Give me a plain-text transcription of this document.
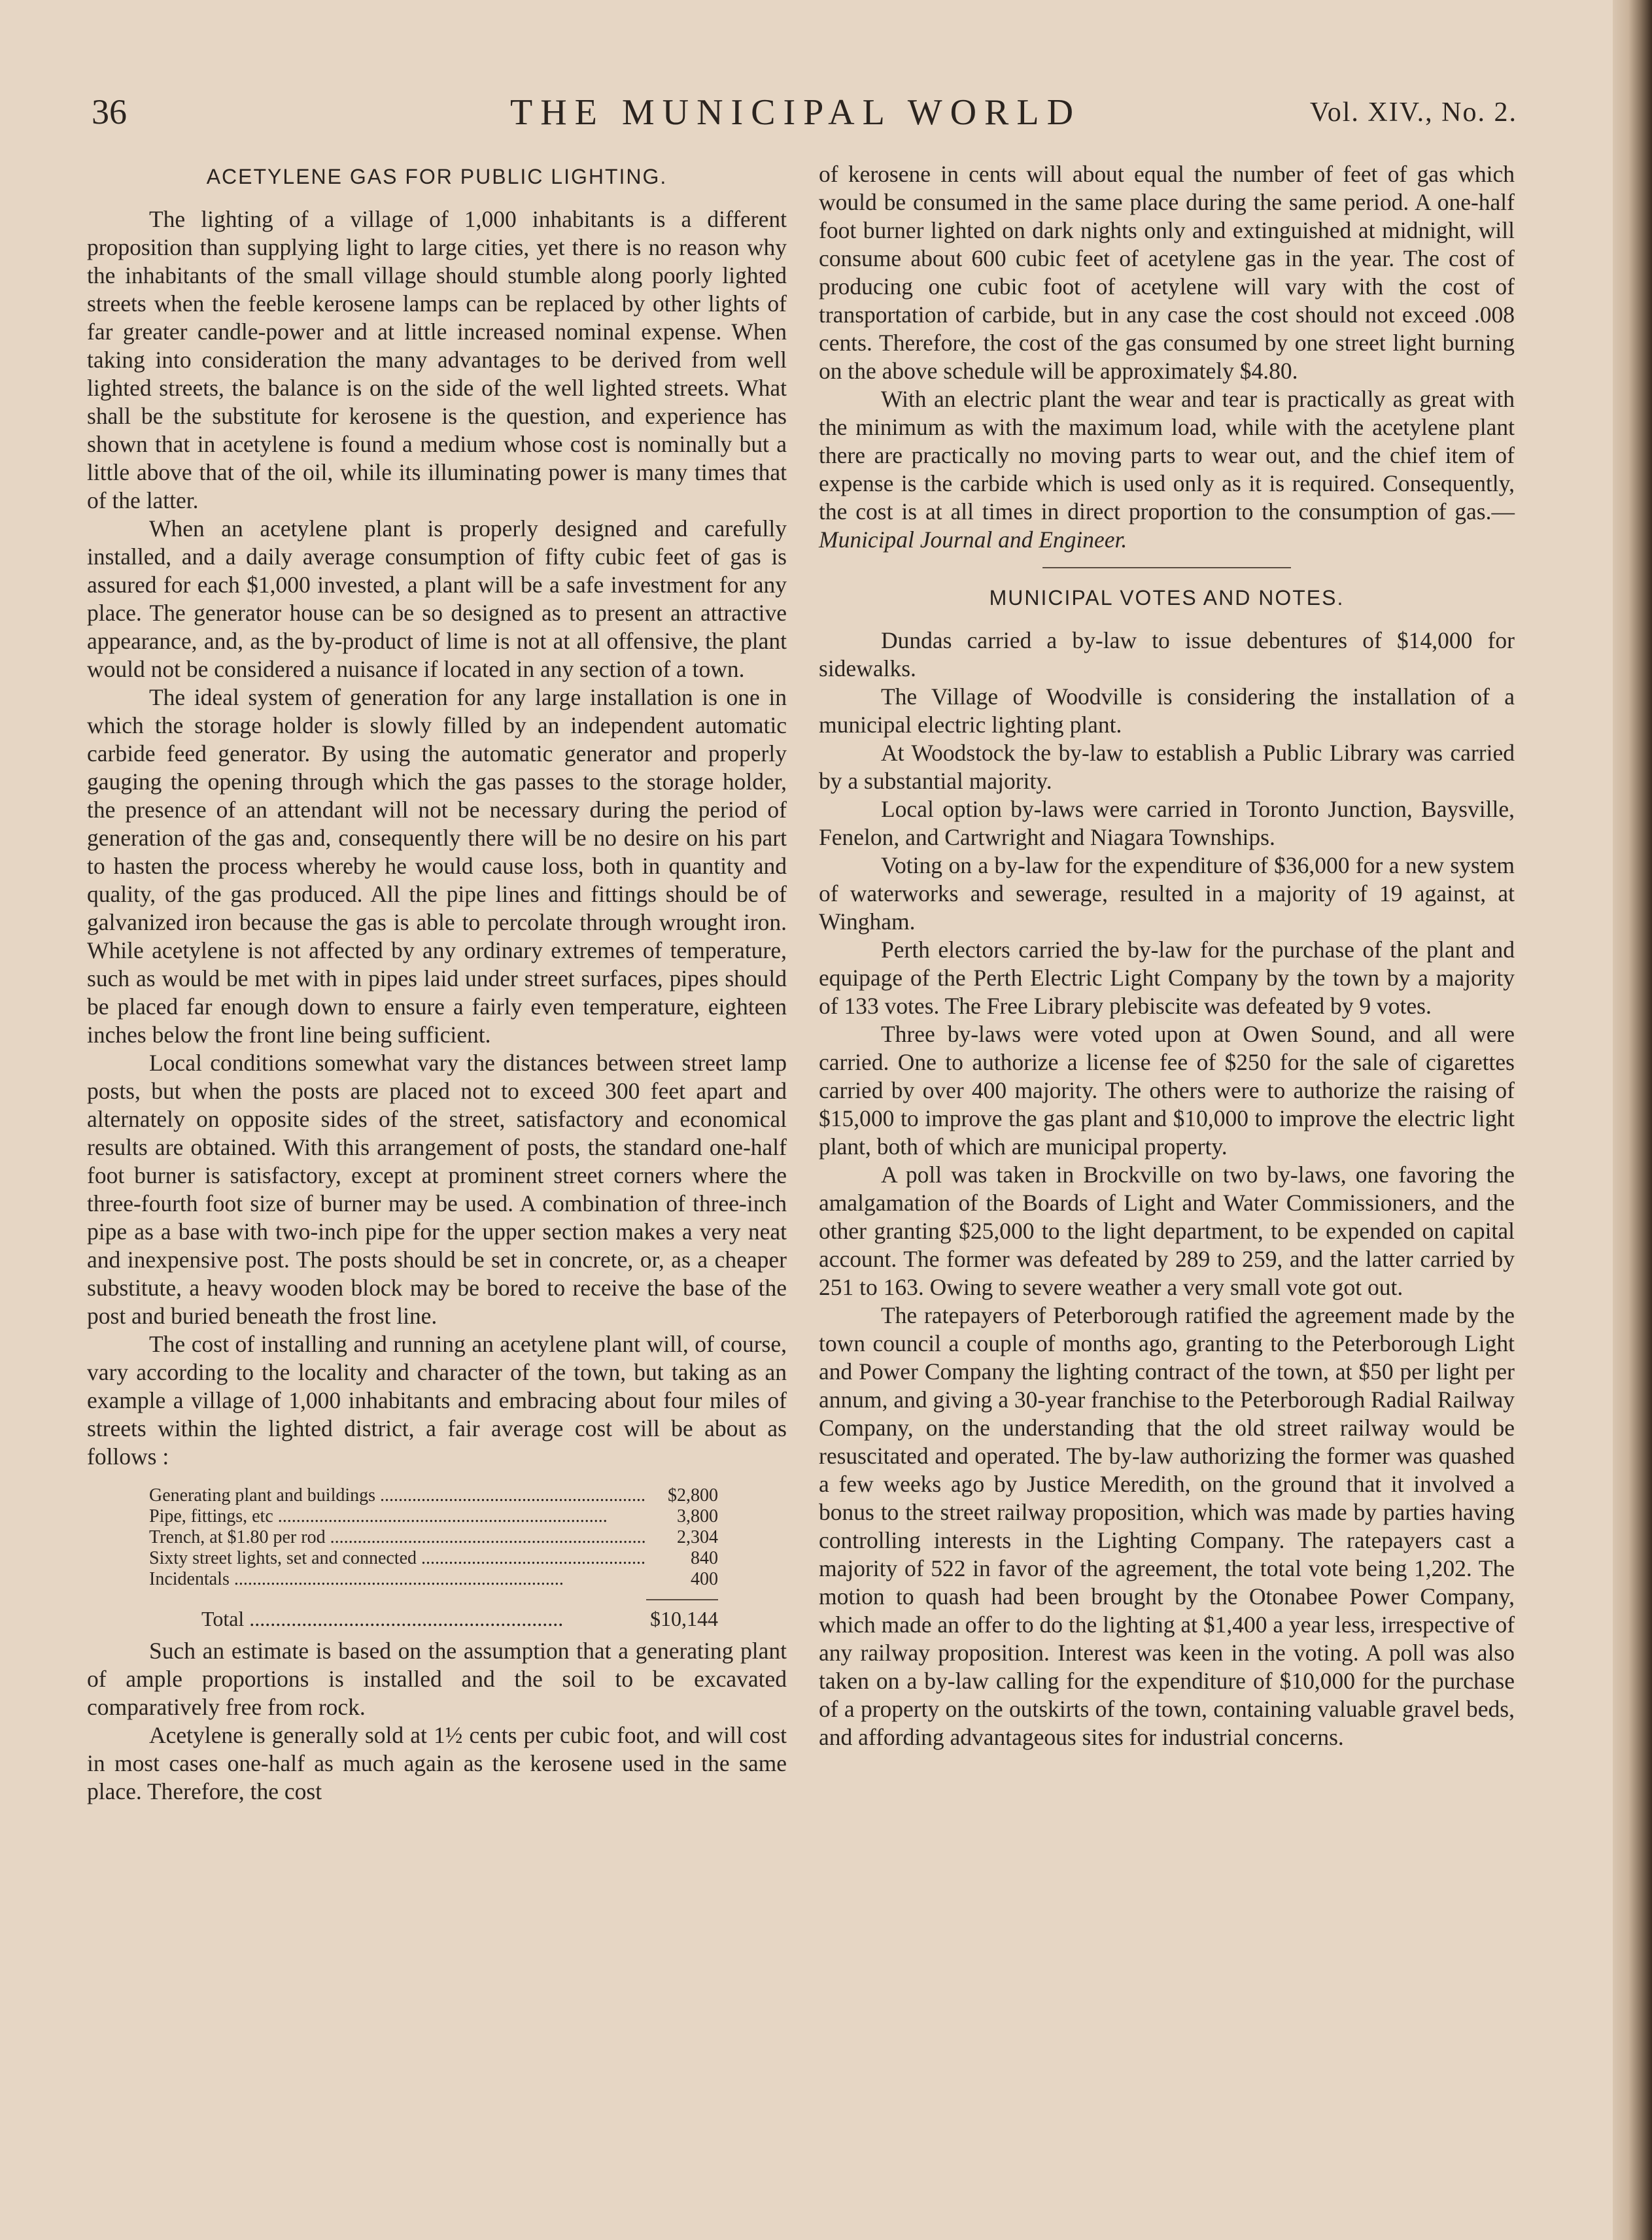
36	THE MUNICIPAL WORLD	Vol. XIV., No. 2.
ACETYLENE GAS FOR PUBLIC LIGHTING.

The lighting of a village of 1,000 inhabitants is a different proposition than supplying light to large cities, yet there is no reason why the inhabitants of the small village should stumble along poorly lighted streets when the feeble kerosene lamps can be replaced by other lights of far greater candle-power and at little increased nominal expense. When taking into consideration the many advantages to be derived from well lighted streets, the balance is on the side of the well lighted streets. What shall be the substitute for kerosene is the question, and experience has shown that in acetylene is found a medium whose cost is nominally but a little above that of the oil, while its illuminating power is many times that of the latter.

When an acetylene plant is properly designed and carefully installed, and a daily average consumption of fifty cubic feet of gas is assured for each $1,000 invested, a plant will be a safe investment for any place. The generator house can be so designed as to present an attractive appearance, and, as the by-product of lime is not at all offensive, the plant would not be considered a nuisance if located in any section of a town.

The ideal system of generation for any large installation is one in which the storage holder is slowly filled by an independent automatic carbide feed generator. By using the automatic generator and properly gauging the opening through which the gas passes to the storage holder, the presence of an attendant will not be necessary during the period of generation of the gas and, consequently there will be no desire on his part to hasten the process whereby he would cause loss, both in quantity and quality, of the gas produced. All the pipe lines and fittings should be of galvanized iron because the gas is able to percolate through wrought iron. While acetylene is not affected by any ordinary extremes of temperature, such as would be met with in pipes laid under street surfaces, pipes should be placed far enough down to ensure a fairly even temperature, eighteen inches below the front line being sufficient.

Local conditions somewhat vary the distances between street lamp posts, but when the posts are placed not to exceed 300 feet apart and alternately on opposite sides of the street, satisfactory and economical results are obtained. With this arrangement of posts, the standard one-half foot burner is satisfactory, except at prominent street corners where the three-fourth foot size of burner may be used. A combination of three-inch pipe as a base with two-inch pipe for the upper section makes a very neat and inexpensive post. The posts should be set in concrete, or, as a cheaper substitute, a heavy wooden block may be bored to receive the base of the post and buried beneath the frost line.

The cost of installing and running an acetylene plant will, of course, vary according to the locality and character of the town, but taking as an example a village of 1,000 inhabitants and embracing about four miles of streets within the lighted district, a fair average cost will be about as follows :

Generating plant and buildings .....	$2,800
Pipe, fittings, etc .....	3,800
Trench, at $1.80 per rod .....	2,304
Sixty street lights, set and connected .....	840
Incidentals .....	400
Total .....	$10,144

Such an estimate is based on the assumption that a generating plant of ample proportions is installed and the soil to be excavated comparatively free from rock.

Acetylene is generally sold at 1½ cents per cubic foot, and will cost in most cases one-half as much again as the kerosene used in the same place. Therefore, the cost

of kerosene in cents will about equal the number of feet of gas which would be consumed in the same place during the same period. A one-half foot burner lighted on dark nights only and extinguished at midnight, will consume about 600 cubic feet of acetylene gas in the year. The cost of producing one cubic foot of acetylene will vary with the cost of transportation of carbide, but in any case the cost should not exceed .008 cents. Therefore, the cost of the gas consumed by one street light burning on the above schedule will be approximately $4.80.

With an electric plant the wear and tear is practically as great with the minimum as with the maximum load, while with the acetylene plant there are practically no moving parts to wear out, and the chief item of expense is the carbide which is used only as it is required. Consequently, the cost is at all times in direct proportion to the consumption of gas.—Municipal Journal and Engineer.

MUNICIPAL VOTES AND NOTES.

Dundas carried a by-law to issue debentures of $14,000 for sidewalks.

The Village of Woodville is considering the installation of a municipal electric lighting plant.

At Woodstock the by-law to establish a Public Library was carried by a substantial majority.

Local option by-laws were carried in Toronto Junction, Baysville, Fenelon, and Cartwright and Niagara Townships.

Voting on a by-law for the expenditure of $36,000 for a new system of waterworks and sewerage, resulted in a majority of 19 against, at Wingham.

Perth electors carried the by-law for the purchase of the plant and equipage of the Perth Electric Light Company by the town by a majority of 133 votes. The Free Library plebiscite was defeated by 9 votes.

Three by-laws were voted upon at Owen Sound, and all were carried. One to authorize a license fee of $250 for the sale of cigarettes carried by over 400 majority. The others were to authorize the raising of $15,000 to improve the gas plant and $10,000 to improve the electric light plant, both of which are municipal property.

A poll was taken in Brockville on two by-laws, one favoring the amalgamation of the Boards of Light and Water Commissioners, and the other granting $25,000 to the light department, to be expended on capital account. The former was defeated by 289 to 259, and the latter carried by 251 to 163. Owing to severe weather a very small vote got out.

The ratepayers of Peterborough ratified the agreement made by the town council a couple of months ago, granting to the Peterborough Light and Power Company the lighting contract of the town, at $50 per light per annum, and giving a 30-year franchise to the Peterborough Radial Railway Company, on the understanding that the old street railway would be resuscitated and operated. The by-law authorizing the former was quashed a few weeks ago by Justice Meredith, on the ground that it involved a bonus to the street railway proposition, which was made by parties having controlling interests in the Lighting Company. The ratepayers cast a majority of 522 in favor of the agreement, the total vote being 1,202. The motion to quash had been brought by the Otonabee Power Company, which made an offer to do the lighting at $1,400 a year less, irrespective of any railway proposition. Interest was keen in the voting. A poll was also taken on a by-law calling for the expenditure of $10,000 for the purchase of a property on the outskirts of the town, containing valuable gravel beds, and affording advantageous sites for industrial concerns.
